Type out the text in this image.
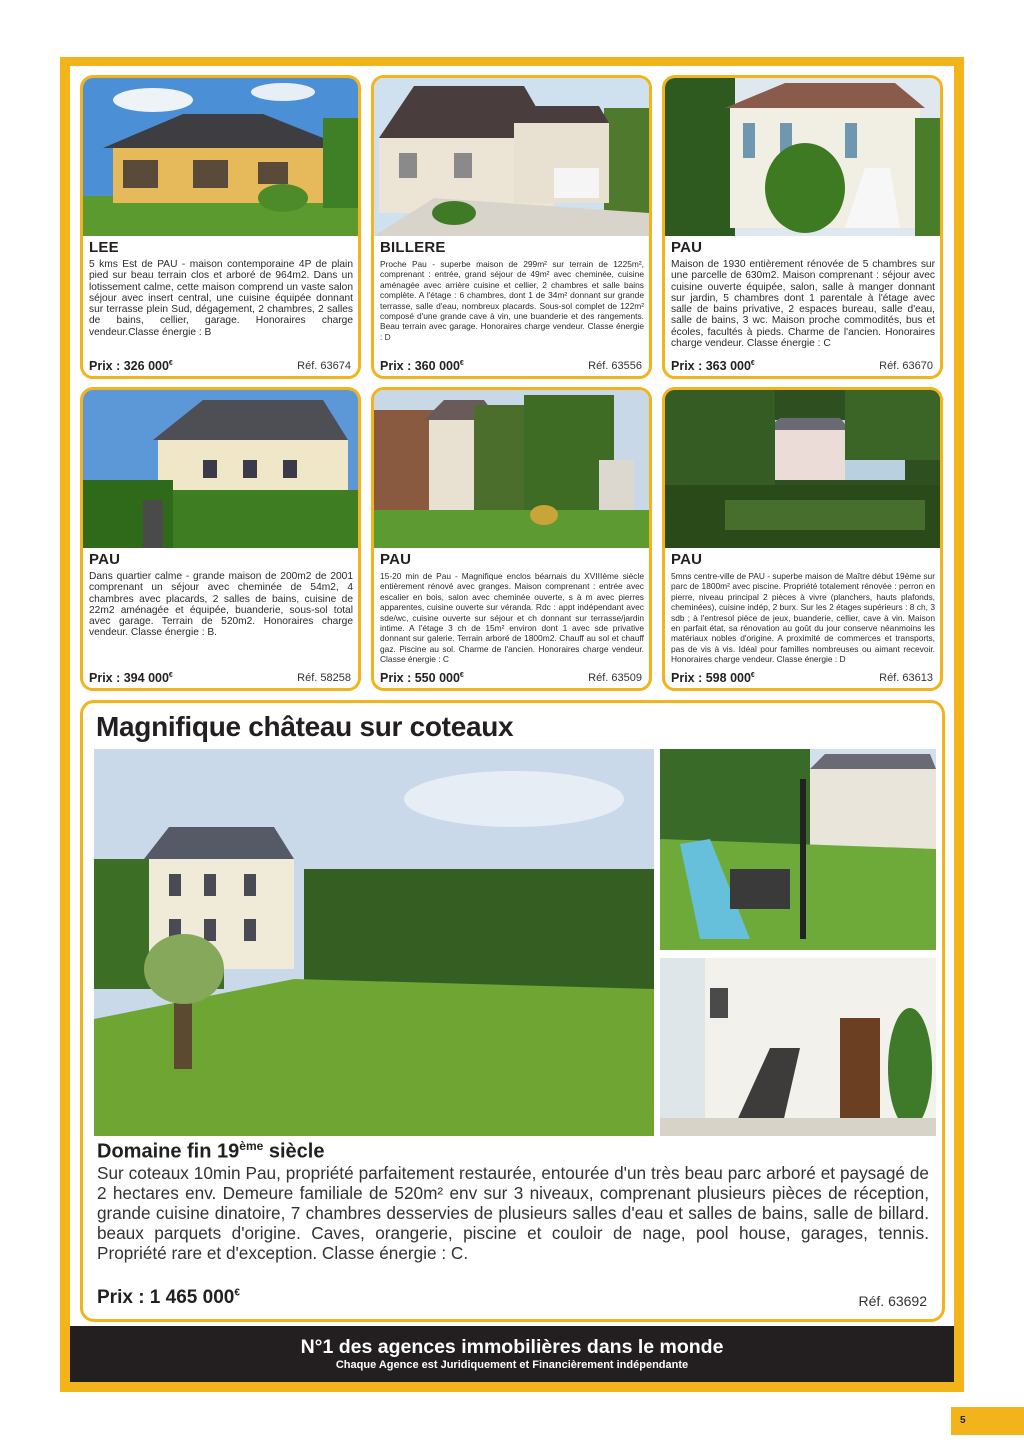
LEE
5 kms Est de PAU - maison contemporaine 4P de plain pied sur beau terrain clos et arboré de 964m2. Dans un lotissement calme, cette maison comprend un vaste salon séjour avec insert central, une cuisine équipée donnant sur terrasse plein Sud, dégagement, 2 chambres, 2 salles de bains, cellier, garage. Honoraires charge vendeur.Classe énergie : B
Prix : 326 000€	Réf. 63674
BILLERE
Proche Pau - superbe maison de 299m² sur terrain de 1225m², comprenant : entrée, grand séjour de 49m² avec cheminée, cuisine aménagée avec arrière cuisine et cellier, 2 chambres et salle bains complète. A l'étage : 6 chambres, dont 1 de 34m² donnant sur grande terrasse, salle d'eau, nombreux placards. Sous-sol complet de 122m² composé d'une grande cave à vin, une buanderie et des rangements. Beau terrain avec garage. Honoraires charge vendeur. Classe énergie : D
Prix : 360 000€	Réf. 63556
PAU
Maison de 1930 entièrement rénovée de 5 chambres sur une parcelle de 630m2. Maison comprenant : séjour avec cuisine ouverte équipée, salon, salle à manger donnant sur jardin, 5 chambres dont 1 parentale à l'étage avec salle de bains privative, 2 espaces bureau, salle d'eau, salle de bains, 3 wc. Maison proche commodités, bus et écoles, facultés à pieds. Charme de l'ancien. Honoraires charge vendeur. Classe énergie : C
Prix : 363 000€	Réf. 63670
PAU
Dans quartier calme - grande maison de 200m2 de 2001 comprenant un séjour avec cheminée de 54m2, 4 chambres avec placards, 2 salles de bains, cuisine de 22m2 aménagée et équipée, buanderie, sous-sol total avec garage. Terrain de 520m2. Honoraires charge vendeur. Classe énergie : B.
Prix : 394 000€	Réf. 58258
PAU
15-20 min de Pau - Magnifique enclos béarnais du XVIIIème siècle entièrement rénové avec granges. Maison comprenant : entrée avec escalier en bois, salon avec cheminée ouverte, s à m avec pierres apparentes, cuisine ouverte sur véranda. Rdc : appt indépendant avec sde/wc, cuisine ouverte sur séjour et ch donnant sur terrasse/jardin intime. A l'étage 3 ch de 15m² environ dont 1 avec sde privative donnant sur galerie. Terrain arboré de 1800m2. Chauff au sol et chauff gaz. Piscine au sol. Charme de l'ancien. Honoraires charge vendeur. Classe énergie : C
Prix : 550 000€	Réf. 63509
PAU
5mns centre-ville de PAU - superbe maison de Maître début 19ème sur parc de 1800m² avec piscine. Propriété totalement rénovée : perron en pierre, niveau principal 2 pièces à vivre (planchers, hauts plafonds, cheminées), cuisine indép, 2 burx. Sur les 2 étages supérieurs : 8 ch, 3 sdb ; à l'entresol pièce de jeux, buanderie, cellier, cave à vin. Maison en parfait état, sa rénovation au goût du jour conserve néanmoins les matériaux nobles d'origine. A proximité de commerces et transports, pas de vis à vis. Idéal pour familles nombreuses ou aimant recevoir. Honoraires charge vendeur. Classe énergie : D
Prix : 598 000€	Réf. 63613
Magnifique château sur coteaux
Domaine fin 19ème siècle
Sur coteaux 10min Pau, propriété parfaitement restaurée, entourée d'un très beau parc arboré et paysagé de 2 hectares env. Demeure familiale de 520m² env sur 3 niveaux, comprenant plusieurs pièces de réception, grande cuisine dinatoire, 7 chambres desservies de plusieurs salles d'eau et salles de bains, salle de billard. beaux parquets d'origine. Caves, orangerie, piscine et couloir de nage, pool house, garages, tennis. Propriété rare et d'exception. Classe énergie : C.
Prix : 1 465 000€	Réf. 63692
N°1 des agences immobilières dans le monde
Chaque Agence est Juridiquement et Financièrement indépendante
5
